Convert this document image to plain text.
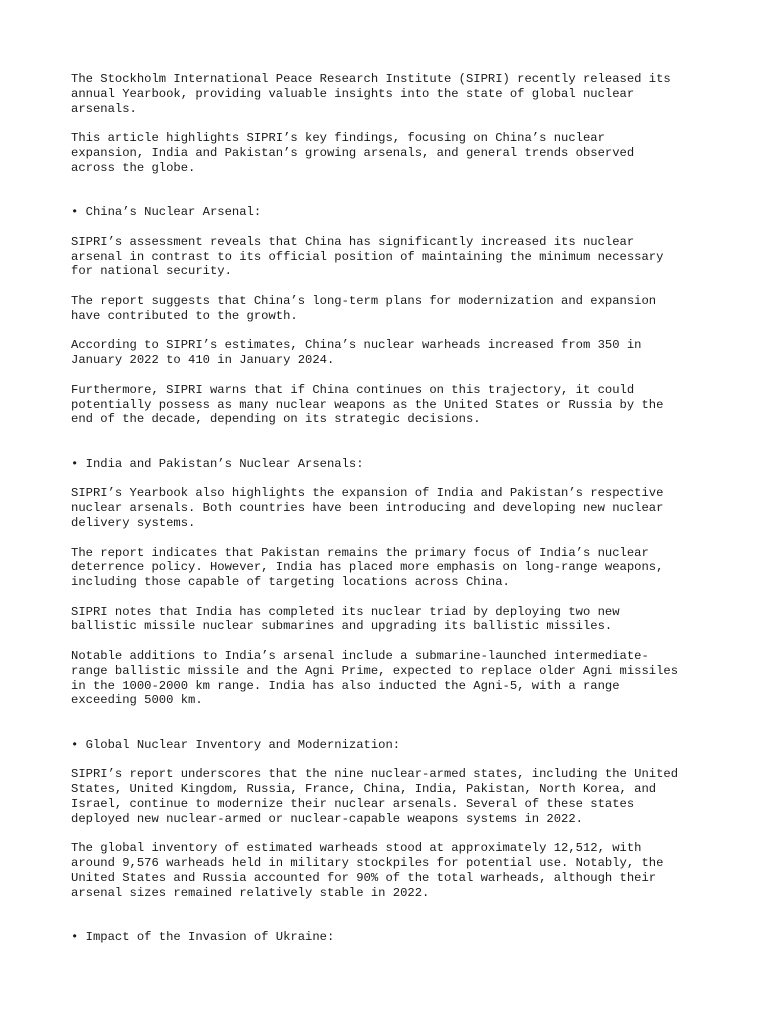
The Stockholm International Peace Research Institute (SIPRI) recently released its
annual Yearbook, providing valuable insights into the state of global nuclear
arsenals.

This article highlights SIPRI’s key findings, focusing on China’s nuclear
expansion, India and Pakistan’s growing arsenals, and general trends observed
across the globe.

• China’s Nuclear Arsenal:

SIPRI’s assessment reveals that China has significantly increased its nuclear
arsenal in contrast to its official position of maintaining the minimum necessary
for national security.

The report suggests that China’s long-term plans for modernization and expansion
have contributed to the growth.

According to SIPRI’s estimates, China’s nuclear warheads increased from 350 in
January 2022 to 410 in January 2024.

Furthermore, SIPRI warns that if China continues on this trajectory, it could
potentially possess as many nuclear weapons as the United States or Russia by the
end of the decade, depending on its strategic decisions.

• India and Pakistan’s Nuclear Arsenals:

SIPRI’s Yearbook also highlights the expansion of India and Pakistan’s respective
nuclear arsenals. Both countries have been introducing and developing new nuclear
delivery systems.

The report indicates that Pakistan remains the primary focus of India’s nuclear
deterrence policy. However, India has placed more emphasis on long-range weapons,
including those capable of targeting locations across China.

SIPRI notes that India has completed its nuclear triad by deploying two new
ballistic missile nuclear submarines and upgrading its ballistic missiles.

Notable additions to India’s arsenal include a submarine-launched intermediate-
range ballistic missile and the Agni Prime, expected to replace older Agni missiles
in the 1000-2000 km range. India has also inducted the Agni-5, with a range
exceeding 5000 km.

• Global Nuclear Inventory and Modernization:

SIPRI’s report underscores that the nine nuclear-armed states, including the United
States, United Kingdom, Russia, France, China, India, Pakistan, North Korea, and
Israel, continue to modernize their nuclear arsenals. Several of these states
deployed new nuclear-armed or nuclear-capable weapons systems in 2022.

The global inventory of estimated warheads stood at approximately 12,512, with
around 9,576 warheads held in military stockpiles for potential use. Notably, the
United States and Russia accounted for 90% of the total warheads, although their
arsenal sizes remained relatively stable in 2022.

• Impact of the Invasion of Ukraine:
